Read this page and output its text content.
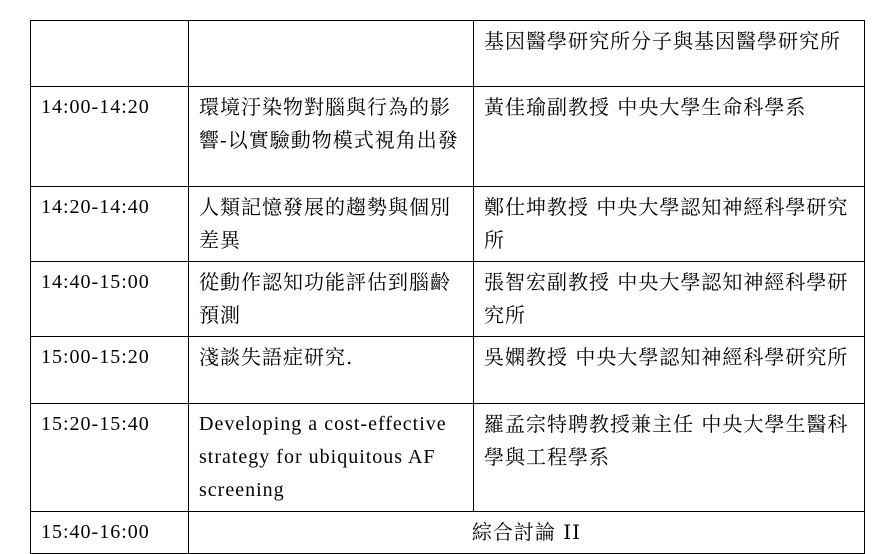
		基因醫學研究所分子與基因醫學研究所
14:00-14:20	環境汙染物對腦與行為的影響-以實驗動物模式視角出發	黃佳瑜副教授 中央大學生命科學系
14:20-14:40	人類記憶發展的趨勢與個別差異	鄭仕坤教授 中央大學認知神經科學研究所
14:40-15:00	從動作認知功能評估到腦齡預測	張智宏副教授 中央大學認知神經科學研究所
15:00-15:20	淺談失語症研究.	吳嫻教授 中央大學認知神經科學研究所
15:20-15:40	Developing a cost-effective strategy for ubiquitous AF screening	羅孟宗特聘教授兼主任 中央大學生醫科學與工程學系
15:40-16:00	綜合討論 II	
